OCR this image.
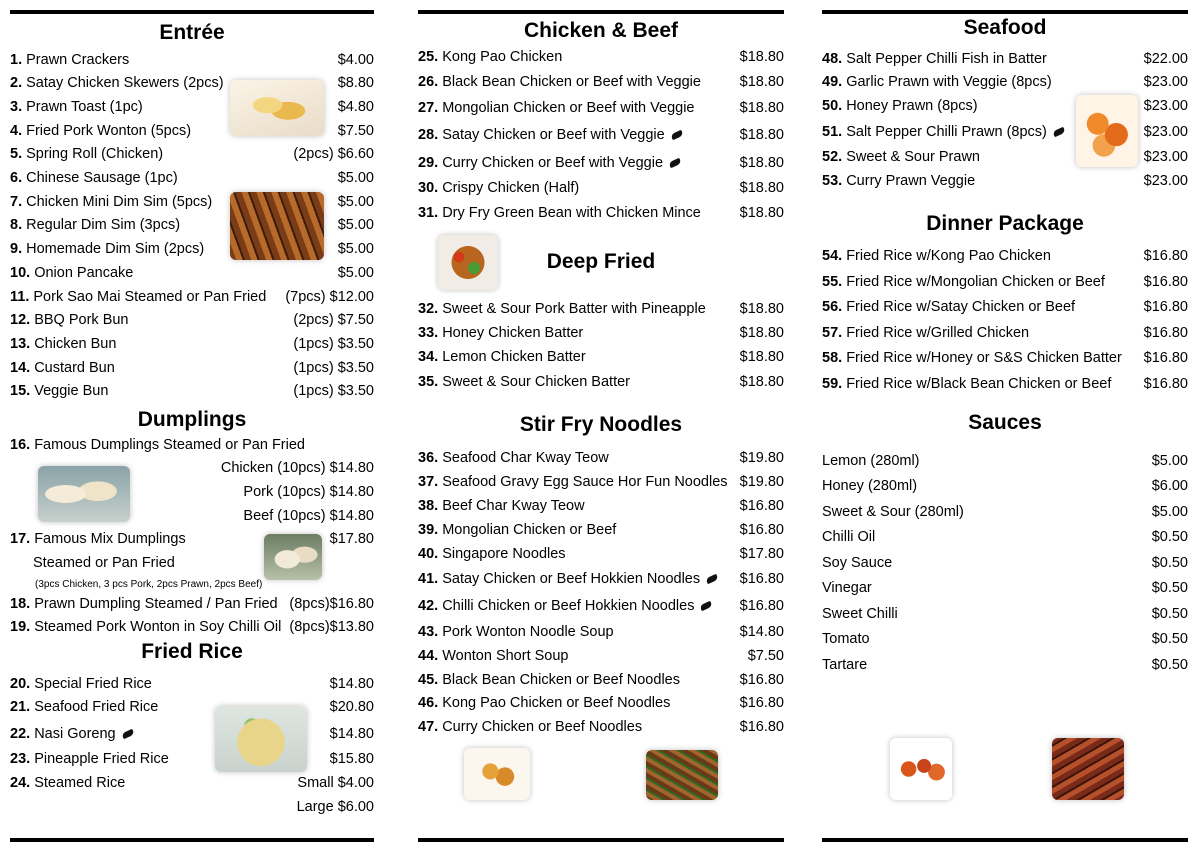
Entrée
1. Prawn Crackers	$4.00
2. Satay Chicken Skewers (2pcs)	$8.80
3. Prawn Toast (1pc)	$4.80
4. Fried Pork Wonton (5pcs)	$7.50
5. Spring Roll (Chicken)	(2pcs) $6.60
6. Chinese Sausage (1pc)	$5.00
7. Chicken Mini Dim Sim (5pcs)	$5.00
8. Regular Dim Sim (3pcs)	$5.00
9. Homemade Dim Sim (2pcs)	$5.00
10. Onion Pancake	$5.00
11. Pork Sao Mai Steamed or Pan Fried (7pcs) $12.00
12. BBQ Pork Bun	(2pcs) $7.50
13. Chicken Bun	(1pcs) $3.50
14. Custard Bun	(1pcs) $3.50
15. Veggie Bun	(1pcs) $3.50
Dumplings
16. Famous Dumplings Steamed or Pan Fried
Chicken (10pcs) $14.80
Pork (10pcs) $14.80
Beef (10pcs) $14.80
17. Famous Mix Dumplings	$17.80
Steamed or Pan Fried
(3pcs Chicken, 3 pcs Pork, 2pcs Prawn, 2pcs Beef)
18. Prawn Dumpling Steamed / Pan Fried (8pcs)$16.80
19. Steamed Pork Wonton in Soy Chilli Oil (8pcs)$13.80
Fried Rice
20. Special Fried Rice	$14.80
21. Seafood Fried Rice	$20.80
22. Nasi Goreng	$14.80
23. Pineapple Fried Rice	$15.80
24. Steamed Rice	Small $4.00
Large $6.00
Chicken & Beef
25. Kong Pao Chicken	$18.80
26. Black Bean Chicken or Beef with Veggie	$18.80
27. Mongolian Chicken or Beef with Veggie	$18.80
28. Satay Chicken or Beef with Veggie	$18.80
29. Curry Chicken or Beef with Veggie	$18.80
30. Crispy Chicken (Half)	$18.80
31. Dry Fry Green Bean with Chicken Mince	$18.80
Deep Fried
32. Sweet & Sour Pork Batter with Pineapple $18.80
33. Honey Chicken Batter	$18.80
34. Lemon Chicken Batter	$18.80
35. Sweet & Sour Chicken Batter	$18.80
Stir Fry Noodles
36. Seafood Char Kway Teow	$19.80
37. Seafood Gravy Egg Sauce Hor Fun Noodles $19.80
38. Beef Char Kway Teow	$16.80
39. Mongolian Chicken or Beef	$16.80
40. Singapore Noodles	$17.80
41. Satay Chicken or Beef Hokkien Noodles	$16.80
42. Chilli Chicken or Beef Hokkien Noodles	$16.80
43. Pork Wonton Noodle Soup	$14.80
44. Wonton Short Soup	$7.50
45. Black Bean Chicken or Beef Noodles	$16.80
46. Kong Pao Chicken or Beef Noodles	$16.80
47. Curry Chicken or Beef Noodles	$16.80
Seafood
48. Salt Pepper Chilli Fish in Batter	$22.00
49. Garlic Prawn with Veggie (8pcs)	$23.00
50. Honey Prawn (8pcs)	$23.00
51. Salt Pepper Chilli Prawn (8pcs)	$23.00
52. Sweet & Sour Prawn	$23.00
53. Curry Prawn Veggie	$23.00
Dinner Package
54. Fried Rice w/Kong Pao Chicken	$16.80
55. Fried Rice w/Mongolian Chicken or Beef	$16.80
56. Fried Rice w/Satay Chicken or Beef	$16.80
57. Fried Rice w/Grilled Chicken	$16.80
58. Fried Rice w/Honey or S&S Chicken Batter $16.80
59. Fried Rice w/Black Bean Chicken or Beef $16.80
Sauces
Lemon (280ml)	$5.00
Honey (280ml)	$6.00
Sweet & Sour (280ml)	$5.00
Chilli Oil	$0.50
Soy Sauce	$0.50
Vinegar	$0.50
Sweet Chilli	$0.50
Tomato	$0.50
Tartare	$0.50
